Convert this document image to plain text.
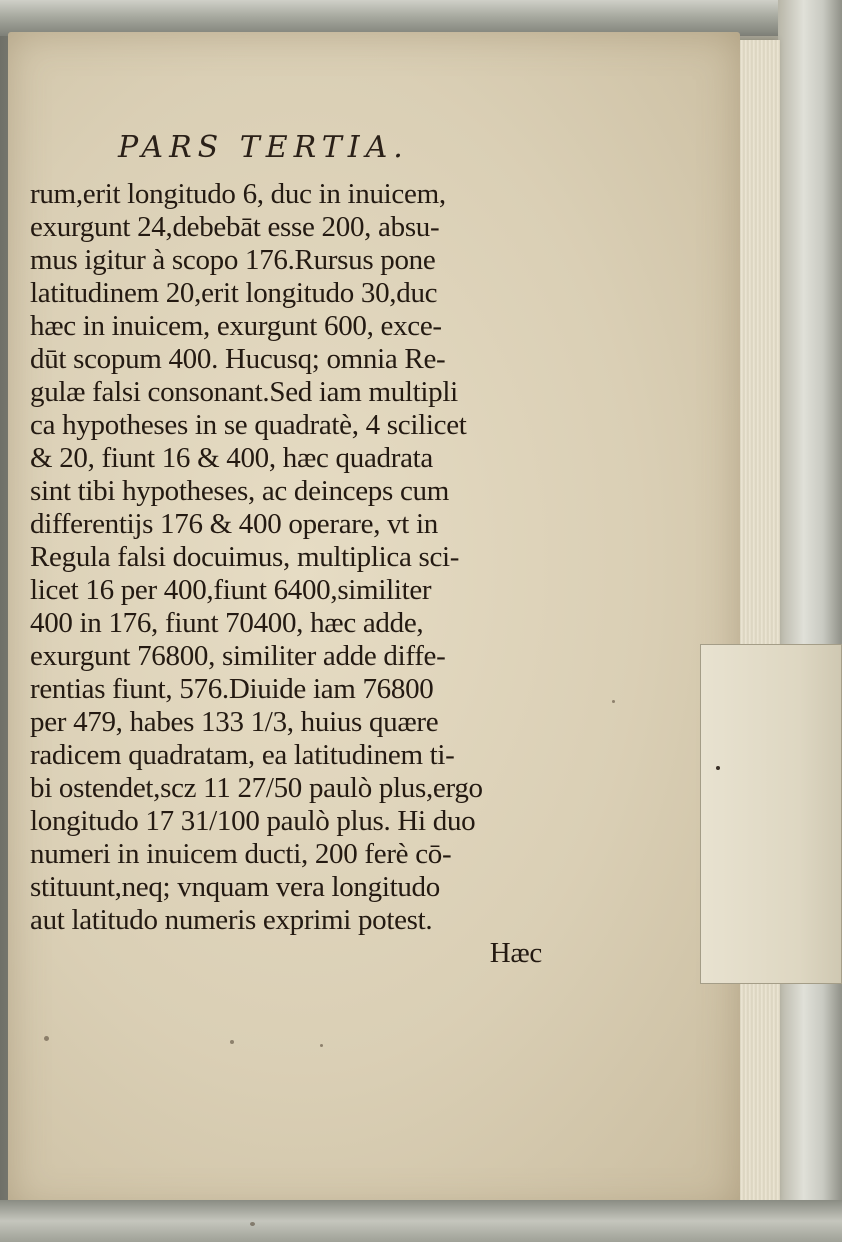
PARS TERTIA.
rum,erit longitudo 6, duc in inuicem,
exurgunt 24,debebāt esse 200, absu-
mus igitur à scopo 176.Rursus pone
latitudinem 20,erit longitudo 30,duc
hæc in inuicem, exurgunt 600, exce-
dūt scopum 400. Hucusq; omnia Re-
gulæ falsi consonant.Sed iam multipli
ca hypotheses in se quadratè, 4 scilicet
& 20, fiunt 16 & 400, hæc quadrata
sint tibi hypotheses, ac deinceps cum
differentijs 176 & 400 operare, vt in
Regula falsi docuimus, multiplica sci-
licet 16 per 400,fiunt 6400,similiter
400 in 176, fiunt 70400, hæc adde,
exurgunt 76800, similiter adde diffe-
rentias fiunt, 576.Diuide iam 76800
per 479, habes 133 1/3, huius quære
radicem quadratam, ea latitudinem ti-
bi ostendet,scz 11 27/50 paulò plus,ergo
longitudo 17 31/100 paulò plus. Hi duo
numeri in inuicem ducti, 200 ferè cō-
stituunt,neq; vnquam vera longitudo
aut latitudo numeris exprimi potest.
Hæc
